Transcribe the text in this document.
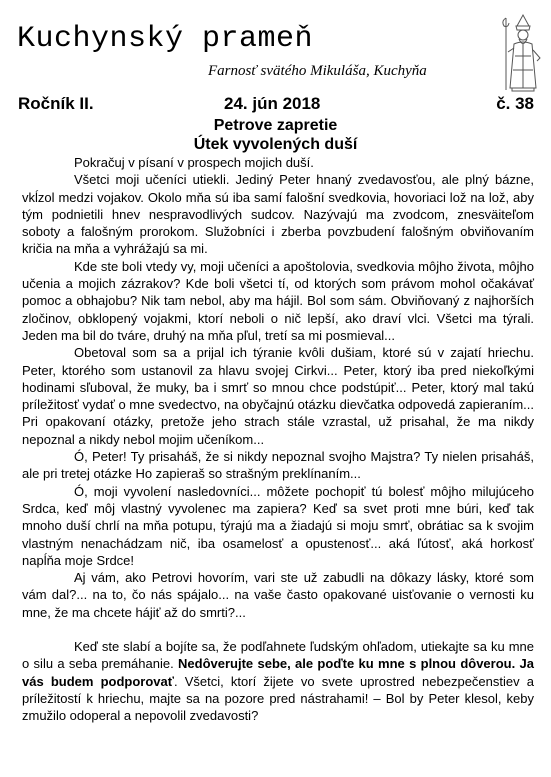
Kuchynský prameň
Farnosť svätého Mikuláša, Kuchyňa
Ročník II.	24. jún 2018	č. 38
Petrove zapretie
Útek vyvolených duší

Pokračuj v písaní v prospech mojich duší.

Všetci moji učeníci utiekli. Jediný Peter hnaný zvedavosťou, ale plný bázne, vkĺzol medzi vojakov. Okolo mňa sú iba samí falošní svedkovia, hovoriaci lož na lož, aby tým podnietili hnev nespravodlivých sudcov. Nazývajú ma zvodcom, znesväiteľom soboty a falošným prorokom. Služobníci i zberba povzbudení falošným obviňovaním kričia na mňa a vyhrážajú sa mi.

Kde ste boli vtedy vy, moji učeníci a apoštolovia, svedkovia môjho života, môjho učenia a mojich zázrakov? Kde boli všetci tí, od ktorých som právom mohol očakávať pomoc a obhajobu? Nik tam nebol, aby ma hájil. Bol som sám. Obviňovaný z najhorších zločinov, obklopený vojakmi, ktorí neboli o nič lepší, ako draví vlci. Všetci ma týrali. Jeden ma bil do tváre, druhý na mňa pľul, tretí sa mi posmieval...

Obetoval som sa a prijal ich týranie kvôli dušiam, ktoré sú v zajatí hriechu. Peter, ktorého som ustanovil za hlavu svojej Cirkvi... Peter, ktorý iba pred niekoľkými hodinami sľuboval, že muky, ba i smrť so mnou chce podstúpiť... Peter, ktorý mal takú príležitosť vydať o mne svedectvo, na obyčajnú otázku dievčatka odpovedá zapieraním... Pri opakovaní otázky, pretože jeho strach stále vzrastal, už prisahal, že ma nikdy nepoznal a nikdy nebol mojim učeníkom...

Ó, Peter! Ty prisaháš, že si nikdy nepoznal svojho Majstra? Ty nielen prisaháš, ale pri tretej otázke Ho zapieraš so strašným preklínaním...

Ó, moji vyvolení nasledovníci... môžete pochopiť tú bolesť môjho milujúceho Srdca, keď môj vlastný vyvolenec ma zapiera? Keď sa svet proti mne búri, keď tak mnoho duší chrlí na mňa potupu, týrajú ma a žiadajú si moju smrť, obrátiac sa k svojim vlastným nenachádzam nič, iba osamelosť a opustenosť... aká ľútosť, aká horkosť napĺňa moje Srdce!

Aj vám, ako Petrovi hovorím, vari ste už zabudli na dôkazy lásky, ktoré som vám dal?... na to, čo nás spájalo... na vaše často opakované uisťovanie o vernosti ku mne, že ma chcete hájiť až do smrti?...

Keď ste slabí a bojíte sa, že podľahnete ľudským ohľadom, utiekajte sa ku mne o silu a seba premáhanie. Nedôverujte sebe, ale poďte ku mne s plnou dôverou. Ja vás budem podporovať. Všetci, ktorí žijete vo svete uprostred nebezpečenstiev a príležitostí k hriechu, majte sa na pozore pred nástrahami! – Bol by Peter klesol, keby zmužilo odoperal a nepovolil zvedavosti?
